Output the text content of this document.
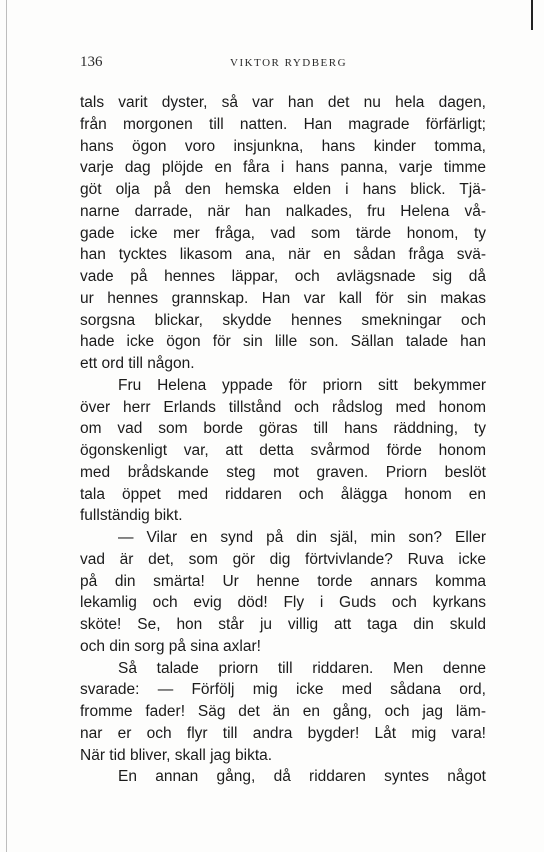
136	VIKTOR RYDBERG
tals varit dyster, så var han det nu hela dagen,
från morgonen till natten. Han magrade förfärligt;
hans ögon voro insjunkna, hans kinder tomma,
varje dag plöjde en fåra i hans panna, varje timme
göt olja på den hemska elden i hans blick. Tjä-
narne darrade, när han nalkades, fru Helena vå-
gade icke mer fråga, vad som tärde honom, ty
han tycktes likasom ana, när en sådan fråga svä-
vade på hennes läppar, och avlägsnade sig då
ur hennes grannskap. Han var kall för sin makas
sorgsna blickar, skydde hennes smekningar och
hade icke ögon för sin lille son. Sällan talade han
ett ord till någon.
Fru Helena yppade för priorn sitt bekymmer
över herr Erlands tillstånd och rådslog med honom
om vad som borde göras till hans räddning, ty
ögonskenligt var, att detta svårmod förde honom
med brådskande steg mot graven. Priorn beslöt
tala öppet med riddaren och ålägga honom en
fullständig bikt.
— Vilar en synd på din själ, min son? Eller
vad är det, som gör dig förtvivlande? Ruva icke
på din smärta! Ur henne torde annars komma
lekamlig och evig död! Fly i Guds och kyrkans
sköte! Se, hon står ju villig att taga din skuld
och din sorg på sina axlar!
Så talade priorn till riddaren. Men denne
svarade: — Förfölj mig icke med sådana ord,
fromme fader! Säg det än en gång, och jag läm-
nar er och flyr till andra bygder! Låt mig vara!
När tid bliver, skall jag bikta.
En annan gång, då riddaren syntes något
